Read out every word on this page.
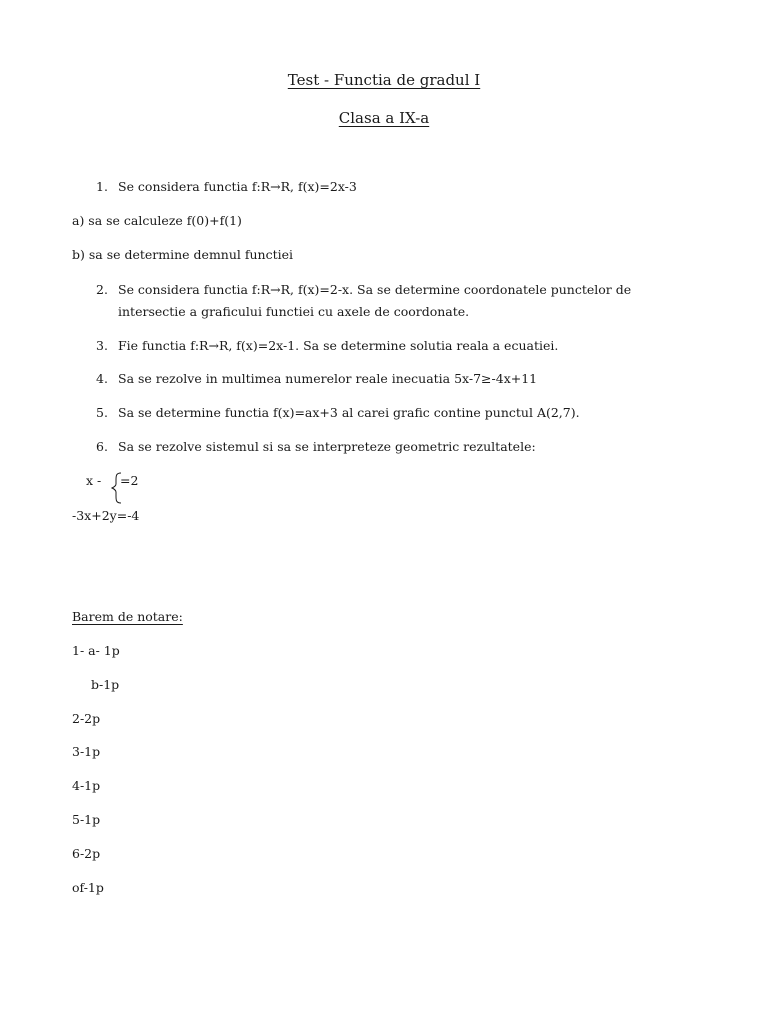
Test - Functia de gradul I
Clasa a IX-a
1. Se considera functia f:R→R, f(x)=2x-3
a) sa se calculeze f(0)+f(1)
b) sa se determine demnul functiei
2. Se considera functia f:R→R, f(x)=2-x. Sa se determine coordonatele punctelor de
intersectie a graficului functiei cu axele de coordonate.
3. Fie functia f:R→R, f(x)=2x-1. Sa se determine solutia reala a ecuatiei.
4. Sa se rezolve in multimea numerelor reale inecuatia 5x-7≥-4x+11
5. Sa se determine functia f(x)=ax+3 al carei grafic contine punctul A(2,7).
6. Sa se rezolve sistemul si sa se interpreteze geometric rezultatele:
x - =2
-3x+2y=-4
Barem de notare:
1- a- 1p
b-1p
2-2p
3-1p
4-1p
5-1p
6-2p
of-1p
